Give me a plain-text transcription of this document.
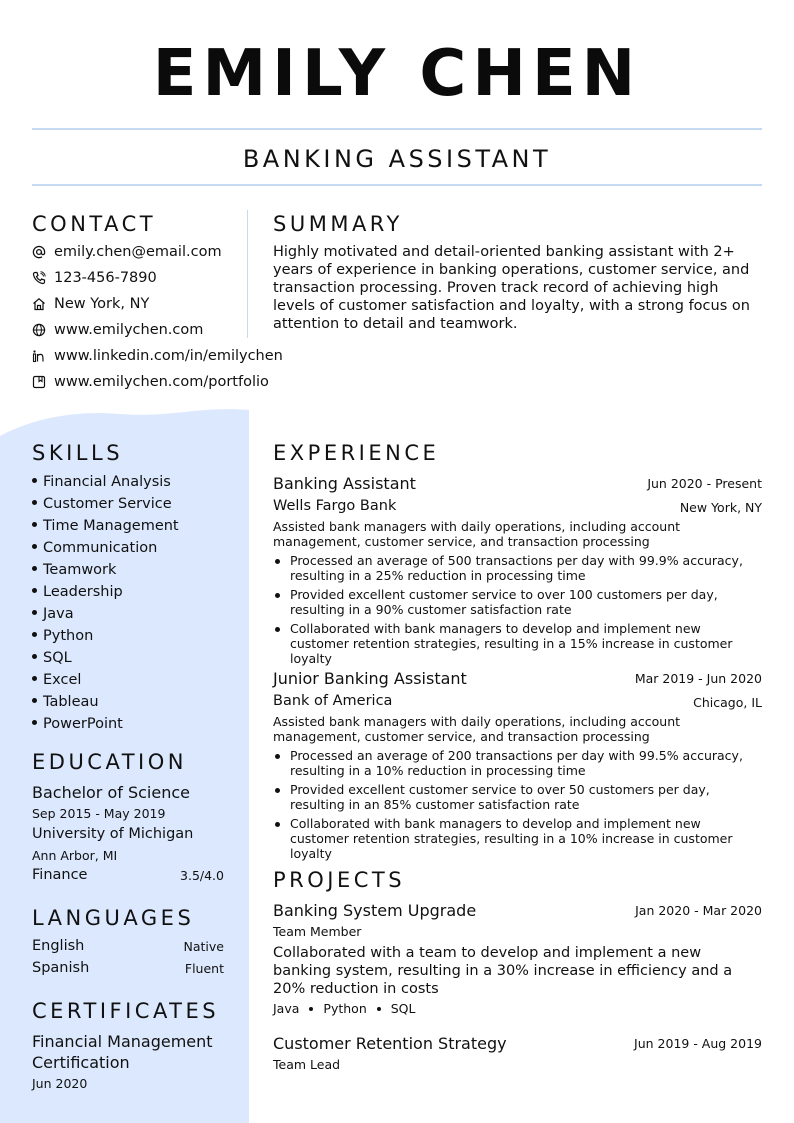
EMILY CHEN
BANKING ASSISTANT
CONTACT
emily.chen@email.com
123-456-7890
New York, NY
www.emilychen.com
www.linkedin.com/in/emilychen
www.emilychen.com/portfolio
SUMMARY
Highly motivated and detail-oriented banking assistant with 2+ years of experience in banking operations, customer service, and transaction processing. Proven track record of achieving high levels of customer satisfaction and loyalty, with a strong focus on attention to detail and teamwork.
SKILLS
Financial Analysis
Customer Service
Time Management
Communication
Teamwork
Leadership
Java
Python
SQL
Excel
Tableau
PowerPoint
EDUCATION
Bachelor of Science
Sep 2015 - May 2019
University of Michigan
Ann Arbor, MI
Finance	3.5/4.0
LANGUAGES
English	Native
Spanish	Fluent
CERTIFICATES
Financial Management
Certification
Jun 2020
EXPERIENCE
Banking Assistant	Jun 2020 - Present
Wells Fargo Bank	New York, NY
Assisted bank managers with daily operations, including account management, customer service, and transaction processing
Processed an average of 500 transactions per day with 99.9% accuracy, resulting in a 25% reduction in processing time
Provided excellent customer service to over 100 customers per day, resulting in a 90% customer satisfaction rate
Collaborated with bank managers to develop and implement new customer retention strategies, resulting in a 15% increase in customer loyalty
Junior Banking Assistant	Mar 2019 - Jun 2020
Bank of America	Chicago, IL
Assisted bank managers with daily operations, including account management, customer service, and transaction processing
Processed an average of 200 transactions per day with 99.5% accuracy, resulting in a 10% reduction in processing time
Provided excellent customer service to over 50 customers per day, resulting in an 85% customer satisfaction rate
Collaborated with bank managers to develop and implement new customer retention strategies, resulting in a 10% increase in customer loyalty
PROJECTS
Banking System Upgrade	Jan 2020 - Mar 2020
Team Member
Collaborated with a team to develop and implement a new banking system, resulting in a 30% increase in efficiency and a 20% reduction in costs
Java Python SQL
Customer Retention Strategy	Jun 2019 - Aug 2019
Team Lead
